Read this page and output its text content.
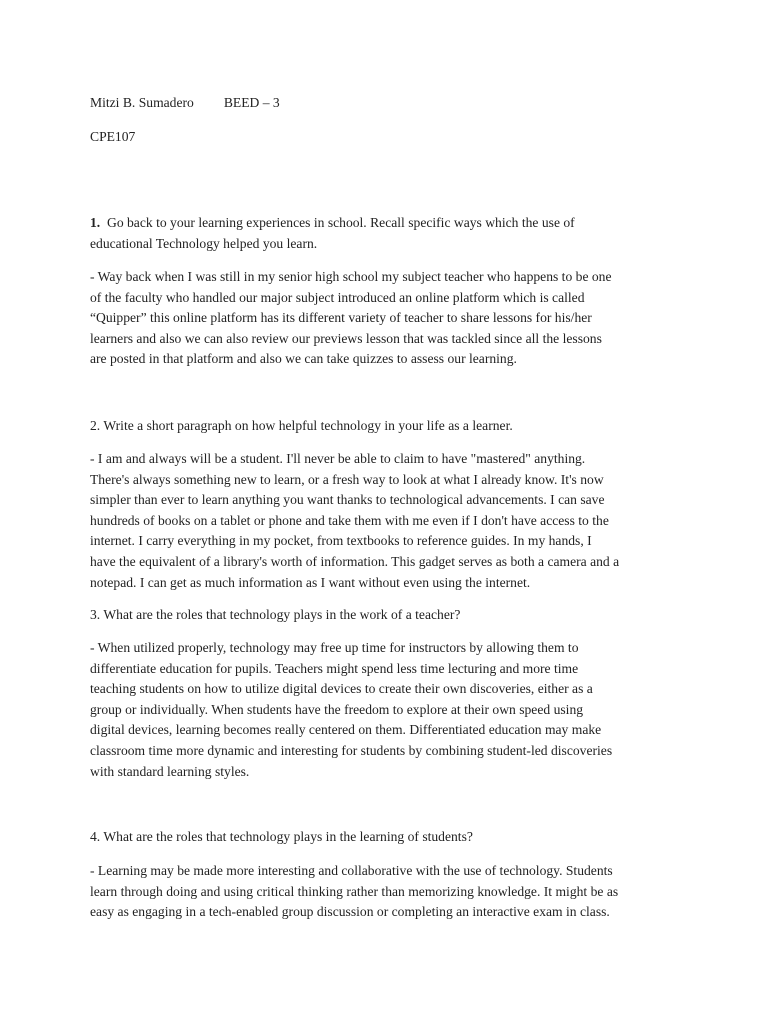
Mitzi B. Sumadero BEED – 3

CPE107

1. Go back to your learning experiences in school. Recall specific ways which the use of
educational Technology helped you learn.

- Way back when I was still in my senior high school my subject teacher who happens to be one
of the faculty who handled our major subject introduced an online platform which is called
“Quipper” this online platform has its different variety of teacher to share lessons for his/her
learners and also we can also review our previews lesson that was tackled since all the lessons
are posted in that platform and also we can take quizzes to assess our learning.

2. Write a short paragraph on how helpful technology in your life as a learner.

- I am and always will be a student. I'll never be able to claim to have "mastered" anything.
There's always something new to learn, or a fresh way to look at what I already know. It's now
simpler than ever to learn anything you want thanks to technological advancements. I can save
hundreds of books on a tablet or phone and take them with me even if I don't have access to the
internet. I carry everything in my pocket, from textbooks to reference guides. In my hands, I
have the equivalent of a library's worth of information. This gadget serves as both a camera and a
notepad. I can get as much information as I want without even using the internet.

3. What are the roles that technology plays in the work of a teacher?

- When utilized properly, technology may free up time for instructors by allowing them to
differentiate education for pupils. Teachers might spend less time lecturing and more time
teaching students on how to utilize digital devices to create their own discoveries, either as a
group or individually. When students have the freedom to explore at their own speed using
digital devices, learning becomes really centered on them. Differentiated education may make
classroom time more dynamic and interesting for students by combining student-led discoveries
with standard learning styles.

4. What are the roles that technology plays in the learning of students?

- Learning may be made more interesting and collaborative with the use of technology. Students
learn through doing and using critical thinking rather than memorizing knowledge. It might be as
easy as engaging in a tech-enabled group discussion or completing an interactive exam in class.
